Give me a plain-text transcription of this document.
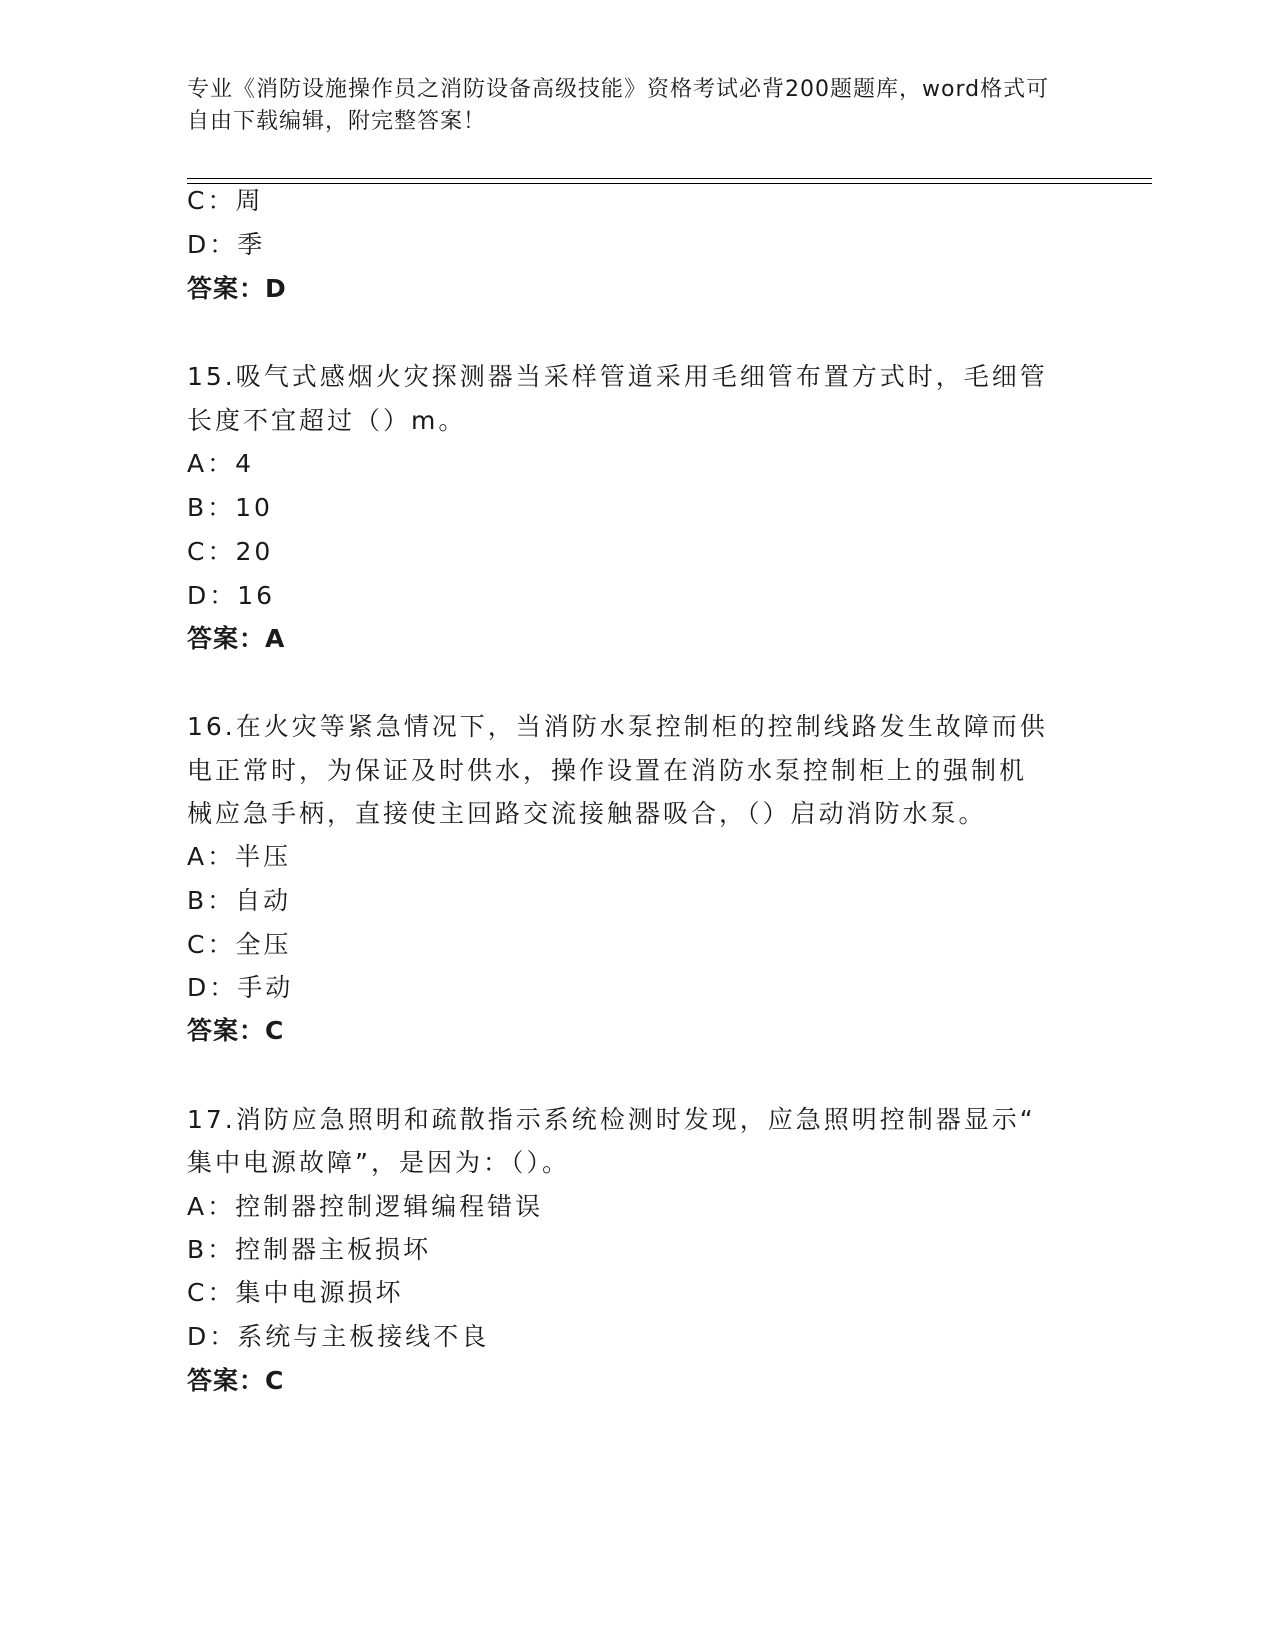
专业《消防设施操作员之消防设备高级技能》资格考试必背200题题库，word格式可自由下载编辑，附完整答案！
C：周
D：季
答案：D
15.吸气式感烟火灾探测器当采样管道采用毛细管布置方式时，毛细管
长度不宜超过（）m。
A：4
B：10
C：20
D：16
答案：A
16.在火灾等紧急情况下，当消防水泵控制柜的控制线路发生故障而供
电正常时，为保证及时供水，操作设置在消防水泵控制柜上的强制机
械应急手柄，直接使主回路交流接触器吸合，（）启动消防水泵。
A：半压
B：自动
C：全压
D：手动
答案：C
17.消防应急照明和疏散指示系统检测时发现，应急照明控制器显示“
集中电源故障”，是因为：（）。
A：控制器控制逻辑编程错误
B：控制器主板损坏
C：集中电源损坏
D：系统与主板接线不良
答案：C
